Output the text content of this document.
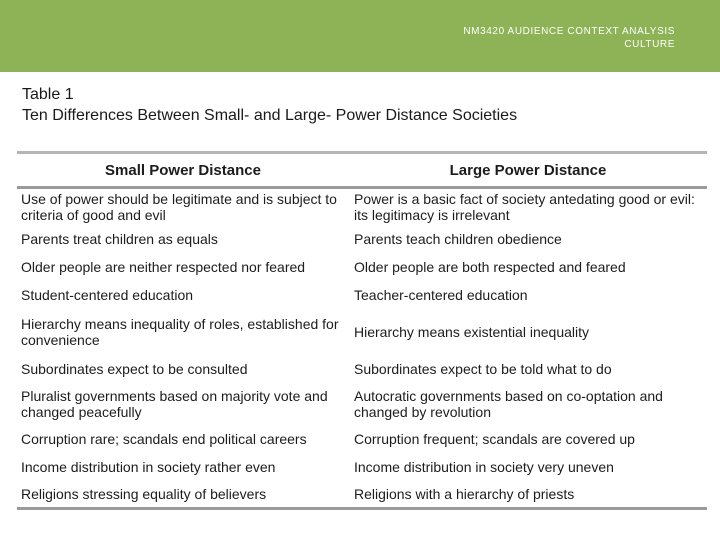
NM3420 AUDIENCE CONTEXT ANALYSIS
CULTURE
Table 1
Ten Differences Between Small- and Large- Power Distance Societies
Small Power Distance	Large Power Distance
Use of power should be legitimate and is subject to criteria of good and evil	Power is a basic fact of society antedating good or evil: its legitimacy is irrelevant
Parents treat children as equals	Parents teach children obedience
Older people are neither respected nor feared	Older people are both respected and feared
Student-centered education	Teacher-centered education
Hierarchy means inequality of roles, established for convenience	Hierarchy means existential inequality
Subordinates expect to be consulted	Subordinates expect to be told what to do
Pluralist governments based on majority vote and changed peacefully	Autocratic governments based on co-optation and changed by revolution
Corruption rare; scandals end political careers	Corruption frequent; scandals are covered up
Income distribution in society rather even	Income distribution in society very uneven
Religions stressing equality of believers	Religions with a hierarchy of priests
